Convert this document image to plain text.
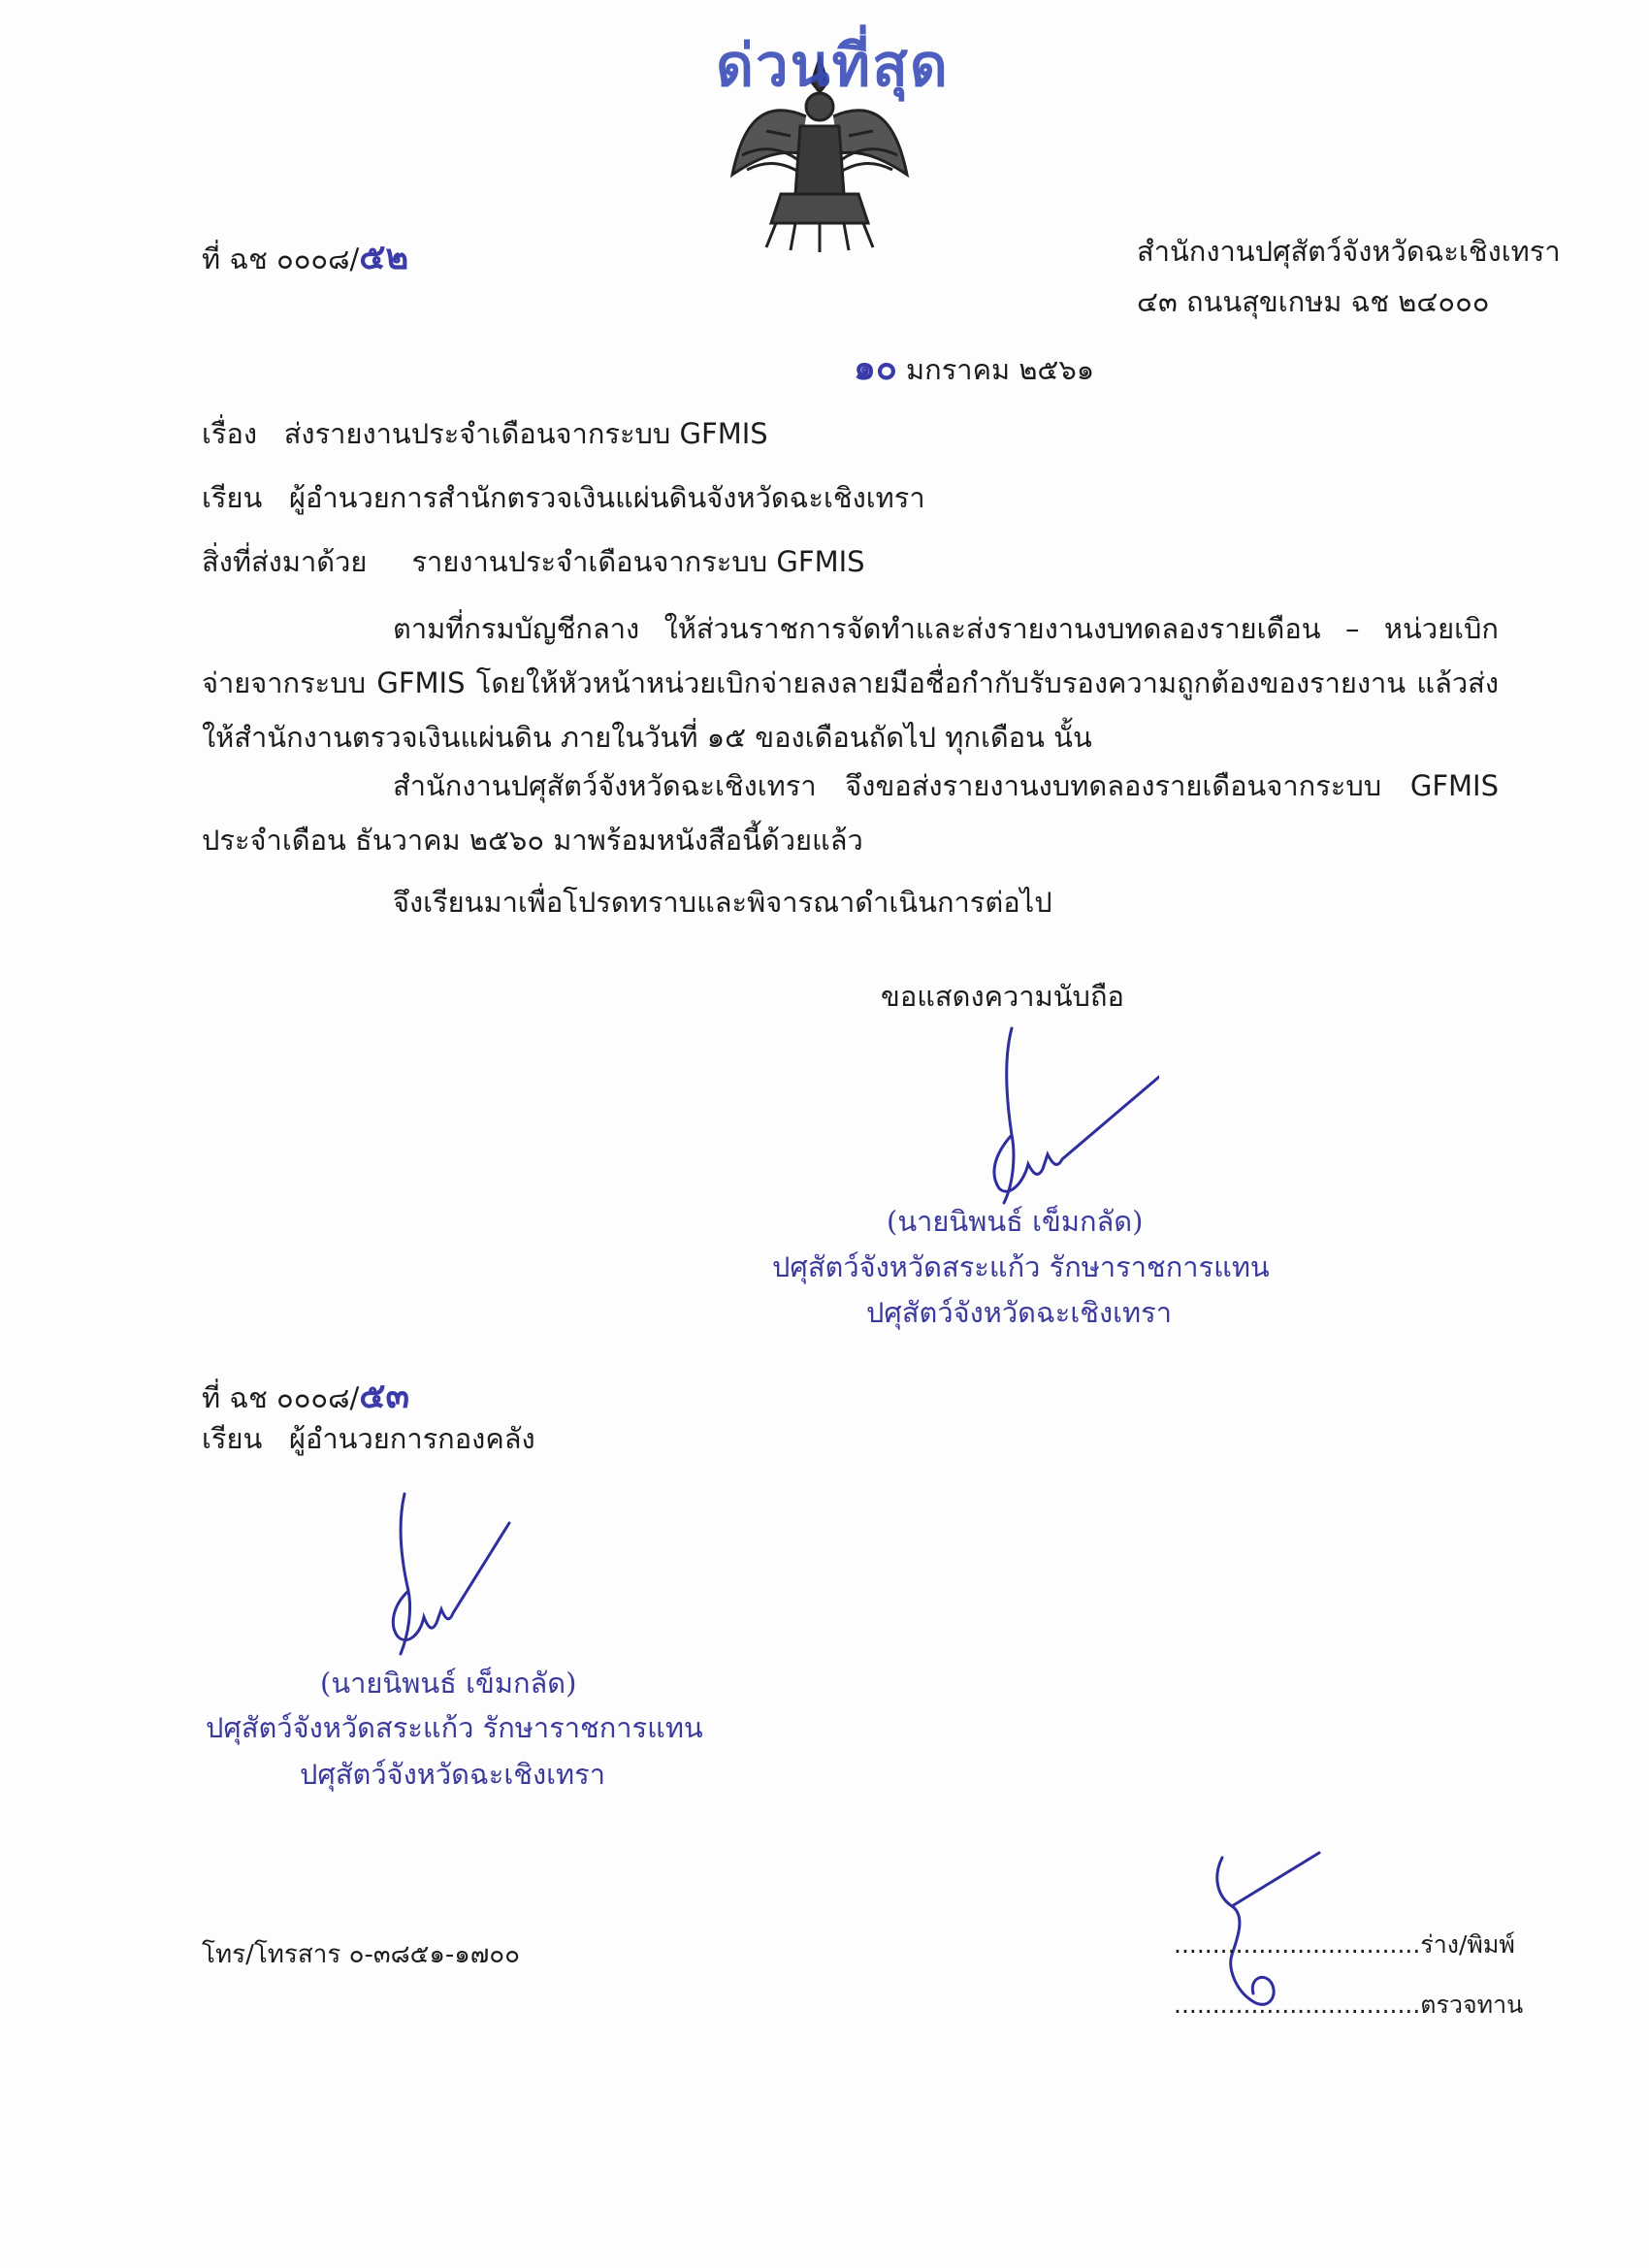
ด่วนที่สุด
ที่ ฉช ๐๐๐๘/๕๒	สำนักงานปศุสัตว์จังหวัดฉะเชิงเทรา
๔๓ ถนนสุขเกษม ฉช ๒๔๐๐๐
๑๐ มกราคม ๒๕๖๑
เรื่อง ส่งรายงานประจำเดือนจากระบบ GFMIS
เรียน ผู้อำนวยการสำนักตรวจเงินแผ่นดินจังหวัดฉะเชิงเทรา
สิ่งที่ส่งมาด้วย รายงานประจำเดือนจากระบบ GFMIS
ตามที่กรมบัญชีกลาง ให้ส่วนราชการจัดทำและส่งรายงานงบทดลองรายเดือน – หน่วยเบิกจ่ายจากระบบ GFMIS โดยให้หัวหน้าหน่วยเบิกจ่ายลงลายมือชื่อกำกับรับรองความถูกต้องของรายงาน แล้วส่งให้สำนักงานตรวจเงินแผ่นดิน ภายในวันที่ ๑๕ ของเดือนถัดไป ทุกเดือน นั้น
สำนักงานปศุสัตว์จังหวัดฉะเชิงเทรา จึงขอส่งรายงานงบทดลองรายเดือนจากระบบ GFMIS ประจำเดือน ธันวาคม ๒๕๖๐ มาพร้อมหนังสือนี้ด้วยแล้ว
จึงเรียนมาเพื่อโปรดทราบและพิจารณาดำเนินการต่อไป
ขอแสดงความนับถือ
(นายนิพนธ์ เข็มกลัด)
ปศุสัตว์จังหวัดสระแก้ว รักษาราชการแทน
ปศุสัตว์จังหวัดฉะเชิงเทรา
ที่ ฉช ๐๐๐๘/๕๓
เรียน ผู้อำนวยการกองคลัง
(นายนิพนธ์ เข็มกลัด)
ปศุสัตว์จังหวัดสระแก้ว รักษาราชการแทน
ปศุสัตว์จังหวัดฉะเชิงเทรา
โทร/โทรสาร ๐-๓๘๕๑-๑๗๐๐	................................ร่าง/พิมพ์
................................ตรวจทาน
